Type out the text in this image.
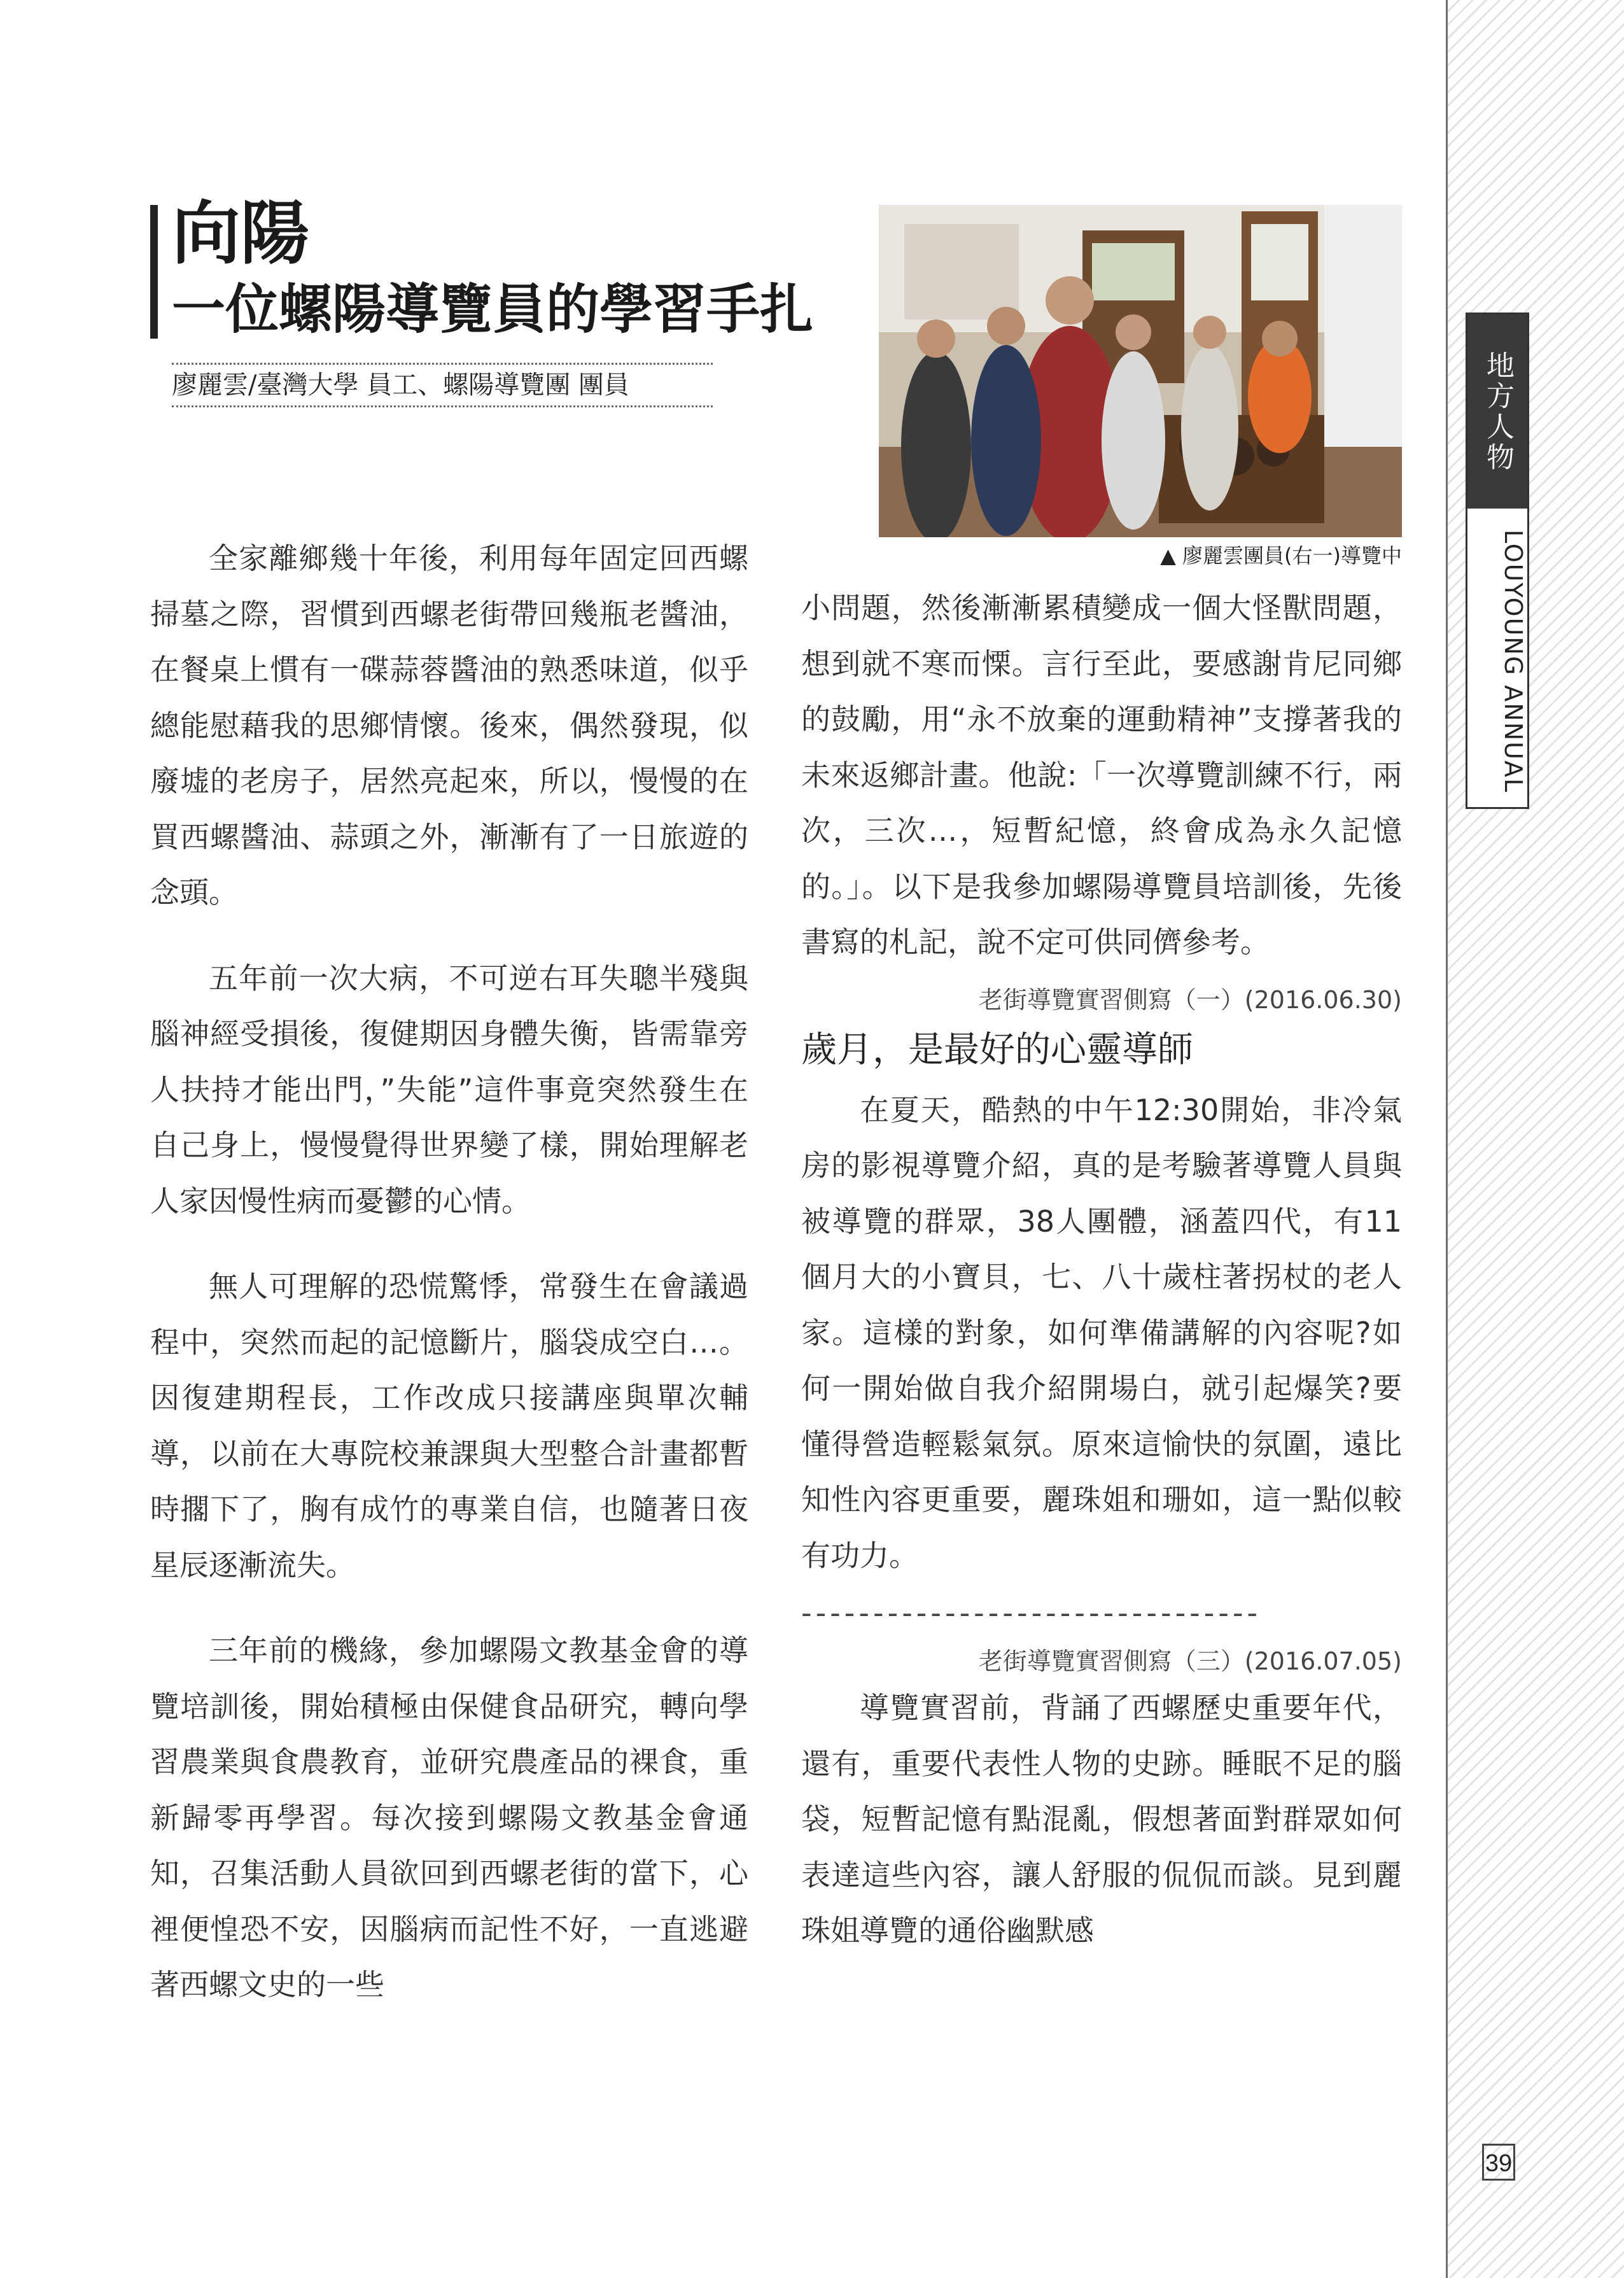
地方人物
LOUYOUNG ANNUAL
39
向陽
一位螺陽導覽員的學習手扎
廖麗雲/臺灣大學 員工、螺陽導覽團 團員
▲ 廖麗雲團員(右一)導覽中

全家離鄉幾十年後，利用每年固定回西螺掃墓之際，習慣到西螺老街帶回幾瓶老醬油，在餐桌上慣有一碟蒜蓉醬油的熟悉味道，似乎總能慰藉我的思鄉情懷。後來，偶然發現，似廢墟的老房子，居然亮起來，所以，慢慢的在買西螺醬油、蒜頭之外，漸漸有了一日旅遊的念頭。

五年前一次大病，不可逆右耳失聰半殘與腦神經受損後，復健期因身體失衡，皆需靠旁人扶持才能出門，”失能”這件事竟突然發生在自己身上，慢慢覺得世界變了樣，開始理解老人家因慢性病而憂鬱的心情。

無人可理解的恐慌驚悸，常發生在會議過程中，突然而起的記憶斷片，腦袋成空白…。因復建期程長，工作改成只接講座與單次輔導，以前在大專院校兼課與大型整合計畫都暫時擱下了，胸有成竹的專業自信，也隨著日夜星辰逐漸流失。

三年前的機緣，參加螺陽文教基金會的導覽培訓後，開始積極由保健食品研究，轉向學習農業與食農教育，並研究農產品的裸食，重新歸零再學習。每次接到螺陽文教基金會通知，召集活動人員欲回到西螺老街的當下，心裡便惶恐不安，因腦病而記性不好，一直逃避著西螺文史的一些

小問題，然後漸漸累積變成一個大怪獸問題，想到就不寒而慄。言行至此，要感謝肯尼同鄉的鼓勵，用“永不放棄的運動精神”支撐著我的未來返鄉計畫。他說:「一次導覽訓練不行，兩次，三次…，短暫紀憶，終會成為永久記憶的。」。以下是我參加螺陽導覽員培訓後，先後書寫的札記，說不定可供同儕參考。

老街導覽實習側寫（一）(2016.06.30)

歲月，是最好的心靈導師

在夏天，酷熱的中午12:30開始，非冷氣房的影視導覽介紹，真的是考驗著導覽人員與被導覽的群眾，38人團體，涵蓋四代，有11個月大的小寶貝，七、八十歲柱著拐杖的老人家。這樣的對象，如何準備講解的內容呢?如何一開始做自我介紹開場白，就引起爆笑?要懂得營造輕鬆氣氛。原來這愉快的氛圍，遠比知性內容更重要，麗珠姐和珊如，這一點似較有功力。

--------------------------------

老街導覽實習側寫（三）(2016.07.05)

導覽實習前，背誦了西螺歷史重要年代，還有，重要代表性人物的史跡。睡眠不足的腦袋，短暫記憶有點混亂，假想著面對群眾如何表達這些內容，讓人舒服的侃侃而談。見到麗珠姐導覽的通俗幽默感
